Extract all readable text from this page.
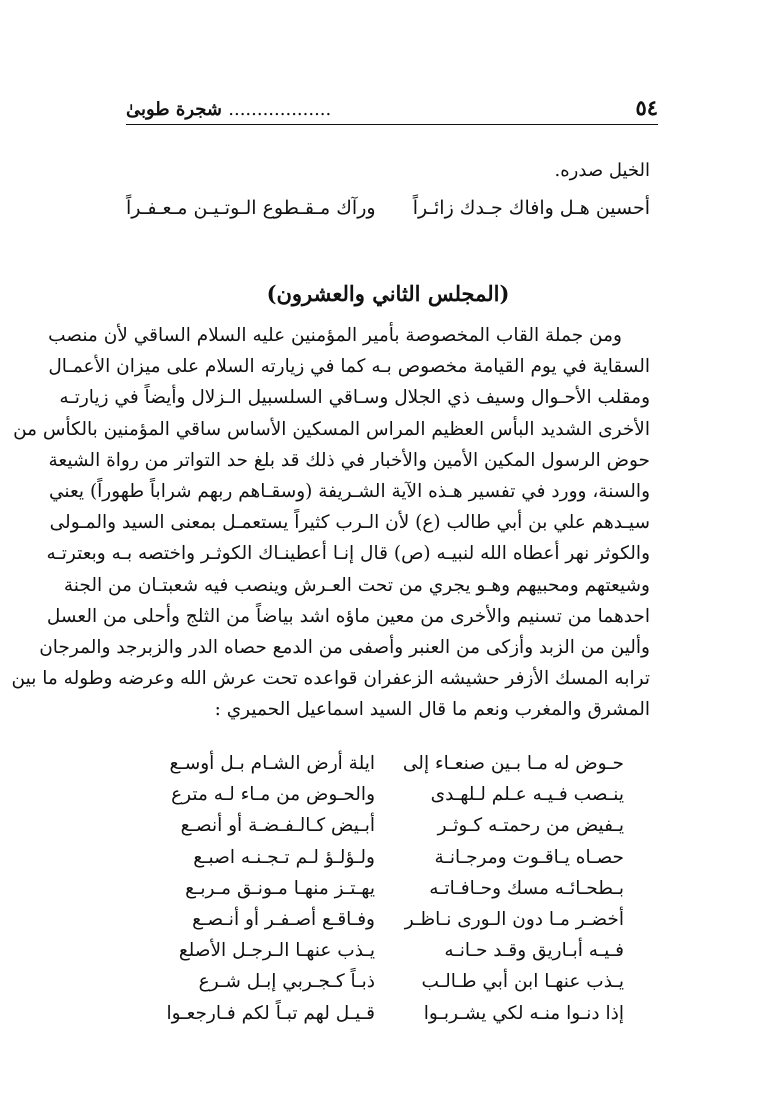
٥٤
.................. شجرة طوبىٰ
الخيل صدره.
أحسين هـل وافاك جـدك زائـراً
ورآك مـقـطوع الـوتـيـن مـعـفـراً
(المجلس الثاني والعشرون)
ومن جملة القاب المخصوصة بأمير المؤمنين عليه السلام الساقي لأن منصب
السقاية في يوم القيامة مخصوص بـه كما في زيارته السلام على ميزان الأعمـال
ومقلب الأحـوال وسيف ذي الجلال وسـاقي السلسبيل الـزلال وأيضاً في زيارتـه
الأخرى الشديد البأس العظيم المراس المسكين الأساس ساقي المؤمنين بالكأس من
حوض الرسول المكين الأمين والأخبار في ذلك قد بلغ حد التواتر من رواة الشيعة
والسنة، وورد في تفسير هـذه الآية الشـريفة (وسقـاهم ربهم شراباً طهوراً) يعني
سيـدهم علي بن أبي طالب (ع) لأن الـرب كثيراً يستعمـل بمعنى السيد والمـولى
والكوثر نهر أعطاه الله لنبيـه (ص) قال إنـا أعطينـاك الكوثـر واختصه بـه وبعترتـه
وشيعتهم ومحبيهم وهـو يجري من تحت العـرش وينصب فيه شعبتـان من الجنة
احدهما من تسنيم والأخرى من معين ماؤه اشد بياضاً من الثلج وأحلى من العسل
وألين من الزبد وأزكى من العنبر وأصفى من الدمع حصاه الدر والزبرجد والمرجان
ترابه المسك الأزفر حشيشه الزعفران قواعده تحت عرش الله وعرضه وطوله ما بين
المشرق والمغرب ونعم ما قال السيد اسماعيل الحميري :
حـوض له مـا بـين صنعـاء إلى
ايلة أرض الشـام بـل أوسـع
ينـصب فـيـه عـلم لـلهـدى
والحـوض من مـاء لـه مترع
يـفيض من رحمتـه كـوثـر
أبـيض كـالـفـضـة أو أنصـع
حصـاه يـاقـوت ومرجـانـة
ولـؤلـؤ لـم تـجـنـه اصبـع
بـطحـائـه مسك وحـافـاتـه
يهـتـز منهـا مـونـق مـربـع
أخضـر مـا دون الـورى نـاظـر
وفـاقـع أصـفـر أو أنـصـع
فـيـه أبـاريق وقـد حـانـه
يـذب عنهـا الـرجـل الأصلع
يـذب عنهـا ابن أبي طـالـب
ذبـاً كـجـربي إبـل شـرع
إذا دنـوا منـه لكي يشـربـوا
قـيـل لهم تبـاً لكم فـارجعـوا
